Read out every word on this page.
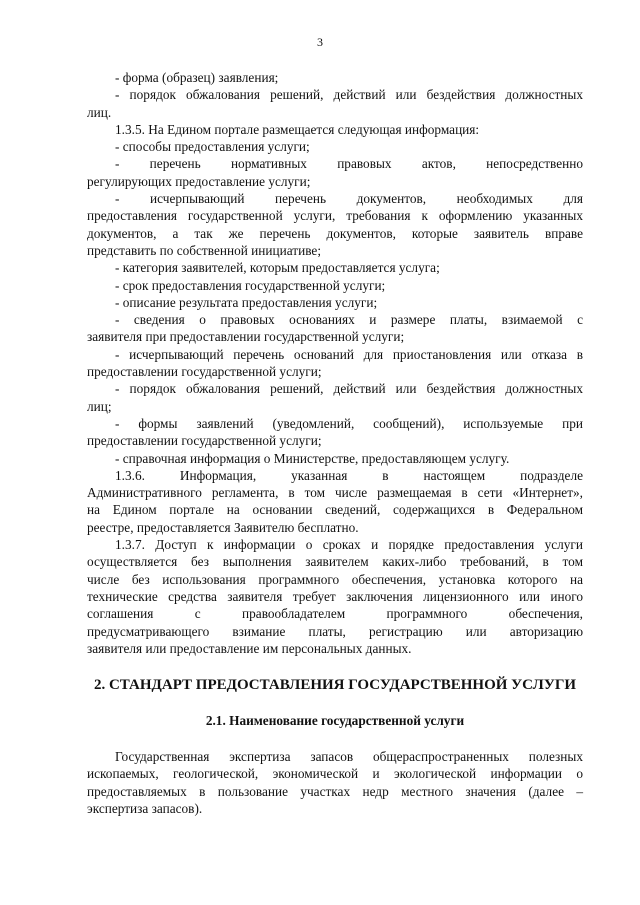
3
- форма (образец) заявления;
- порядок обжалования решений, действий или бездействия должностных
лиц.
1.3.5. На Едином портале размещается следующая информация:
- способы предоставления услуги;
- перечень нормативных правовых актов, непосредственно
регулирующих предоставление услуги;
- исчерпывающий перечень документов, необходимых для
предоставления государственной услуги, требования к оформлению указанных
документов, а так же перечень документов, которые заявитель вправе
представить по собственной инициативе;
- категория заявителей, которым предоставляется услуга;
- срок предоставления государственной услуги;
- описание результата предоставления услуги;
- сведения о правовых основаниях и размере платы, взимаемой с
заявителя при предоставлении государственной услуги;
- исчерпывающий перечень оснований для приостановления или отказа в
предоставлении государственной услуги;
- порядок обжалования решений, действий или бездействия должностных
лиц;
- формы заявлений (уведомлений, сообщений), используемые при
предоставлении государственной услуги;
- справочная информация о Министерстве, предоставляющем услугу.
1.3.6. Информация, указанная в настоящем подразделе
Административного регламента, в том числе размещаемая в сети «Интернет»,
на Едином портале на основании сведений, содержащихся в Федеральном
реестре, предоставляется Заявителю бесплатно.
1.3.7. Доступ к информации о сроках и порядке предоставления услуги
осуществляется без выполнения заявителем каких-либо требований, в том
числе без использования программного обеспечения, установка которого на
технические средства заявителя требует заключения лицензионного или иного
соглашения с правообладателем программного обеспечения,
предусматривающего взимание платы, регистрацию или авторизацию
заявителя или предоставление им персональных данных.
2. СТАНДАРТ ПРЕДОСТАВЛЕНИЯ ГОСУДАРСТВЕННОЙ УСЛУГИ
2.1. Наименование государственной услуги
Государственная экспертиза запасов общераспространенных полезных
ископаемых, геологической, экономической и экологической информации о
предоставляемых в пользование участках недр местного значения (далее –
экспертиза запасов).
